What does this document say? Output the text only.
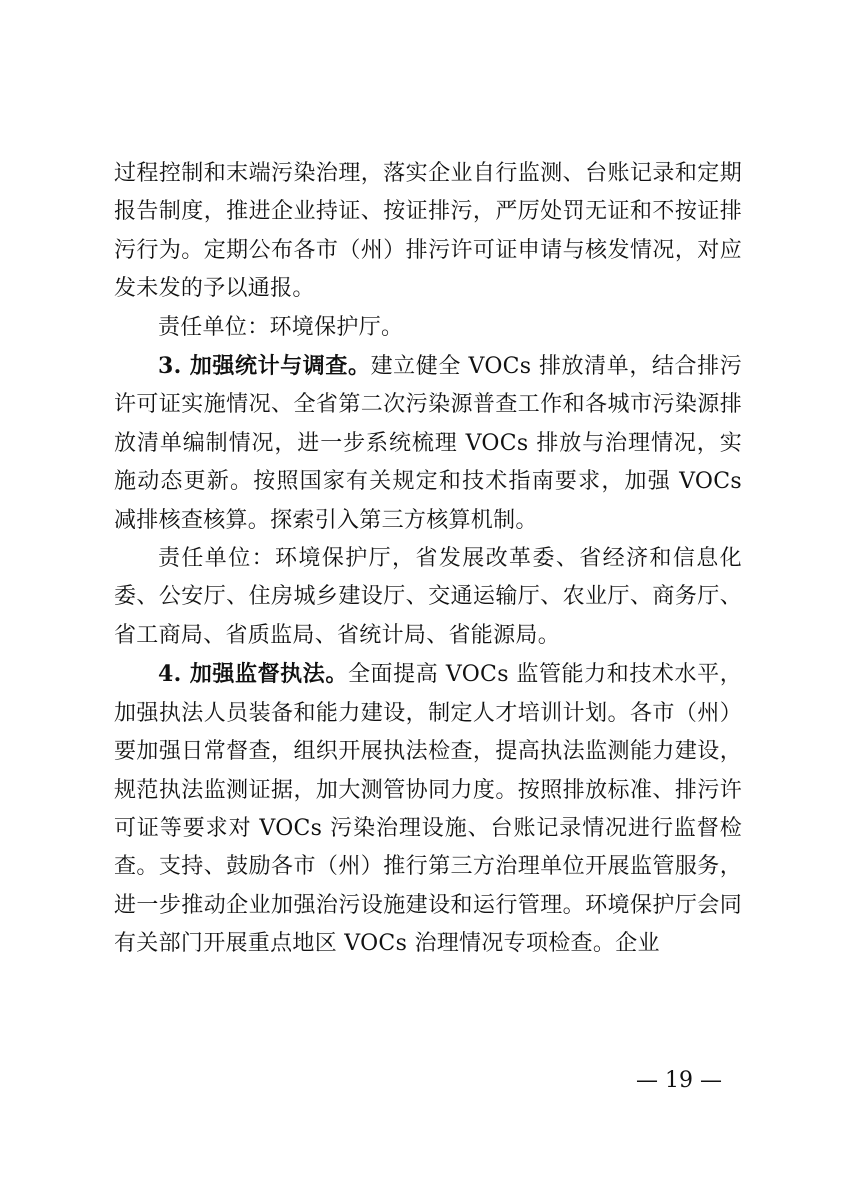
过程控制和末端污染治理，落实企业自行监测、台账记录和定期报告制度，推进企业持证、按证排污，严厉处罚无证和不按证排污行为。定期公布各市（州）排污许可证申请与核发情况，对应发未发的予以通报。

责任单位：环境保护厅。

3. 加强统计与调查。建立健全 VOCs 排放清单，结合排污许可证实施情况、全省第二次污染源普查工作和各城市污染源排放清单编制情况，进一步系统梳理 VOCs 排放与治理情况，实施动态更新。按照国家有关规定和技术指南要求，加强 VOCs 减排核查核算。探索引入第三方核算机制。

责任单位：环境保护厅，省发展改革委、省经济和信息化委、公安厅、住房城乡建设厅、交通运输厅、农业厅、商务厅、省工商局、省质监局、省统计局、省能源局。

4. 加强监督执法。全面提高 VOCs 监管能力和技术水平，加强执法人员装备和能力建设，制定人才培训计划。各市（州）要加强日常督查，组织开展执法检查，提高执法监测能力建设，规范执法监测证据，加大测管协同力度。按照排放标准、排污许可证等要求对 VOCs 污染治理设施、台账记录情况进行监督检查。支持、鼓励各市（州）推行第三方治理单位开展监管服务，进一步推动企业加强治污设施建设和运行管理。环境保护厅会同有关部门开展重点地区 VOCs 治理情况专项检查。企业

— 19 —
